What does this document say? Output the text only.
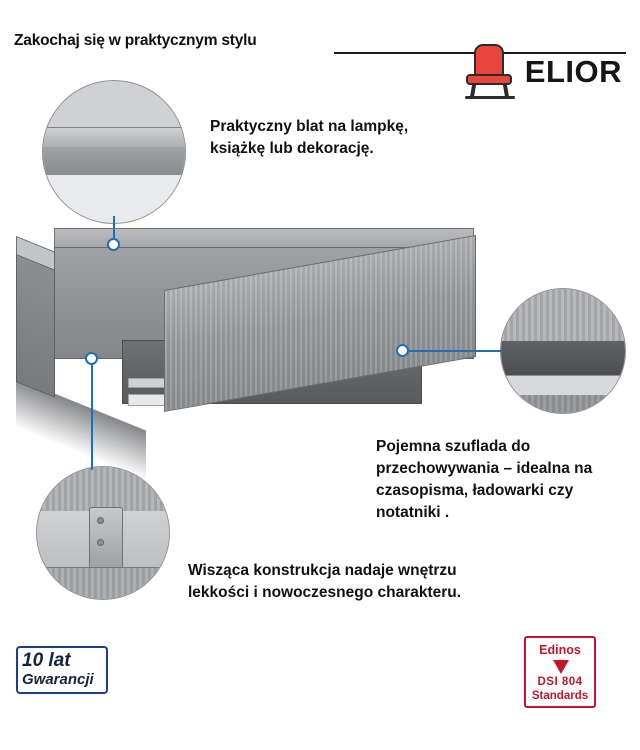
Zakochaj się w praktycznym stylu
ELIOR
Praktyczny blat na lampkę, książkę lub dekorację.
Pojemna szuflada do przechowywania – idealna na czasopisma, ładowarki czy notatniki .
Wisząca konstrukcja nadaje wnętrzu lekkości i nowoczesnego charakteru.
10 lat
Gwarancji
Edinos
DSI 804
Standards
